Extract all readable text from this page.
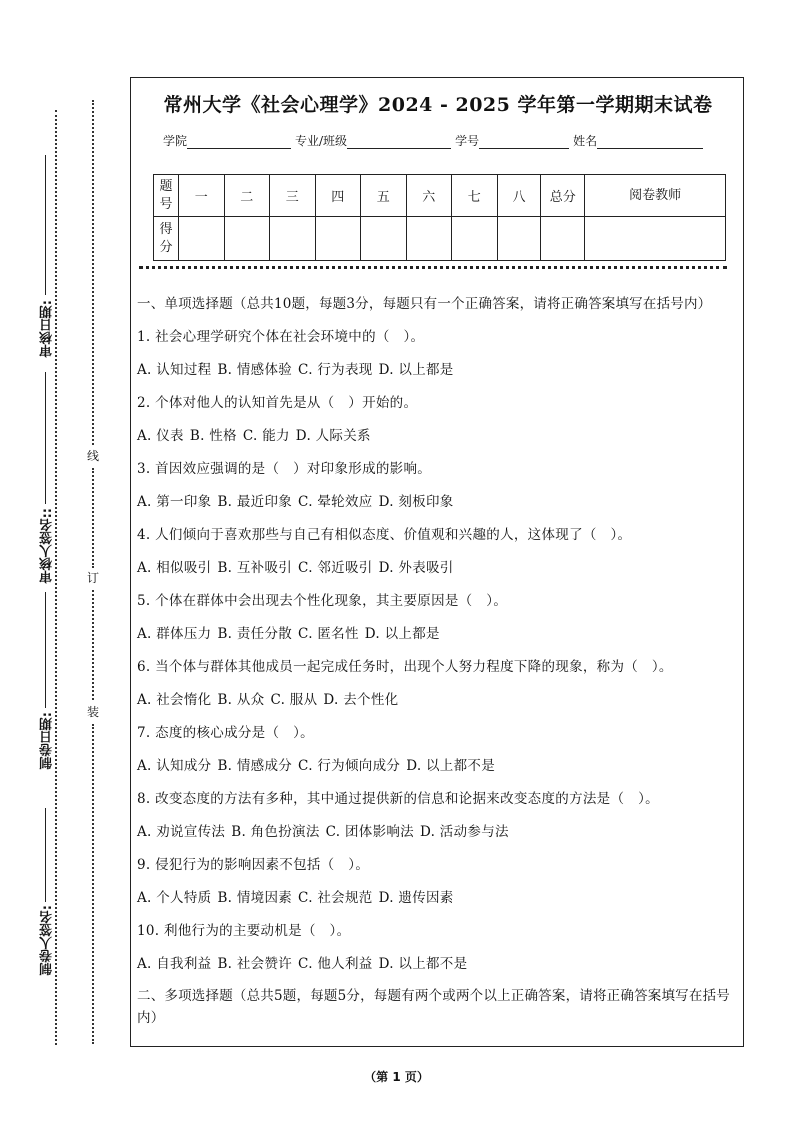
审核日期:
审核人签名::
制卷日期:
制卷人签名:
线
订
装
常州大学《社会心理学》2024 - 2025 学年第一学期期末试卷
学院	专业/班级	学号	姓名
题号	一	二	三	四	五	六	七	八	总分	阅卷教师
得分										
一、单项选择题（总共10题，每题3分，每题只有一个正确答案，请将正确答案填写在括号内）
1. 社会心理学研究个体在社会环境中的（　）。
A. 认知过程 B. 情感体验 C. 行为表现 D. 以上都是
2. 个体对他人的认知首先是从（　）开始的。
A. 仪表 B. 性格 C. 能力 D. 人际关系
3. 首因效应强调的是（　）对印象形成的影响。
A. 第一印象 B. 最近印象 C. 晕轮效应 D. 刻板印象
4. 人们倾向于喜欢那些与自己有相似态度、价值观和兴趣的人，这体现了（　）。
A. 相似吸引 B. 互补吸引 C. 邻近吸引 D. 外表吸引
5. 个体在群体中会出现去个性化现象，其主要原因是（　）。
A. 群体压力 B. 责任分散 C. 匿名性 D. 以上都是
6. 当个体与群体其他成员一起完成任务时，出现个人努力程度下降的现象，称为（　）。
A. 社会惰化 B. 从众 C. 服从 D. 去个性化
7. 态度的核心成分是（　）。
A. 认知成分 B. 情感成分 C. 行为倾向成分 D. 以上都不是
8. 改变态度的方法有多种，其中通过提供新的信息和论据来改变态度的方法是（　）。
A. 劝说宣传法 B. 角色扮演法 C. 团体影响法 D. 活动参与法
9. 侵犯行为的影响因素不包括（　）。
A. 个人特质 B. 情境因素 C. 社会规范 D. 遗传因素
10. 利他行为的主要动机是（　）。
A. 自我利益 B. 社会赞许 C. 他人利益 D. 以上都不是
二、多项选择题（总共5题，每题5分，每题有两个或两个以上正确答案，请将正确答案填写在括号内）
（第 1 页）
